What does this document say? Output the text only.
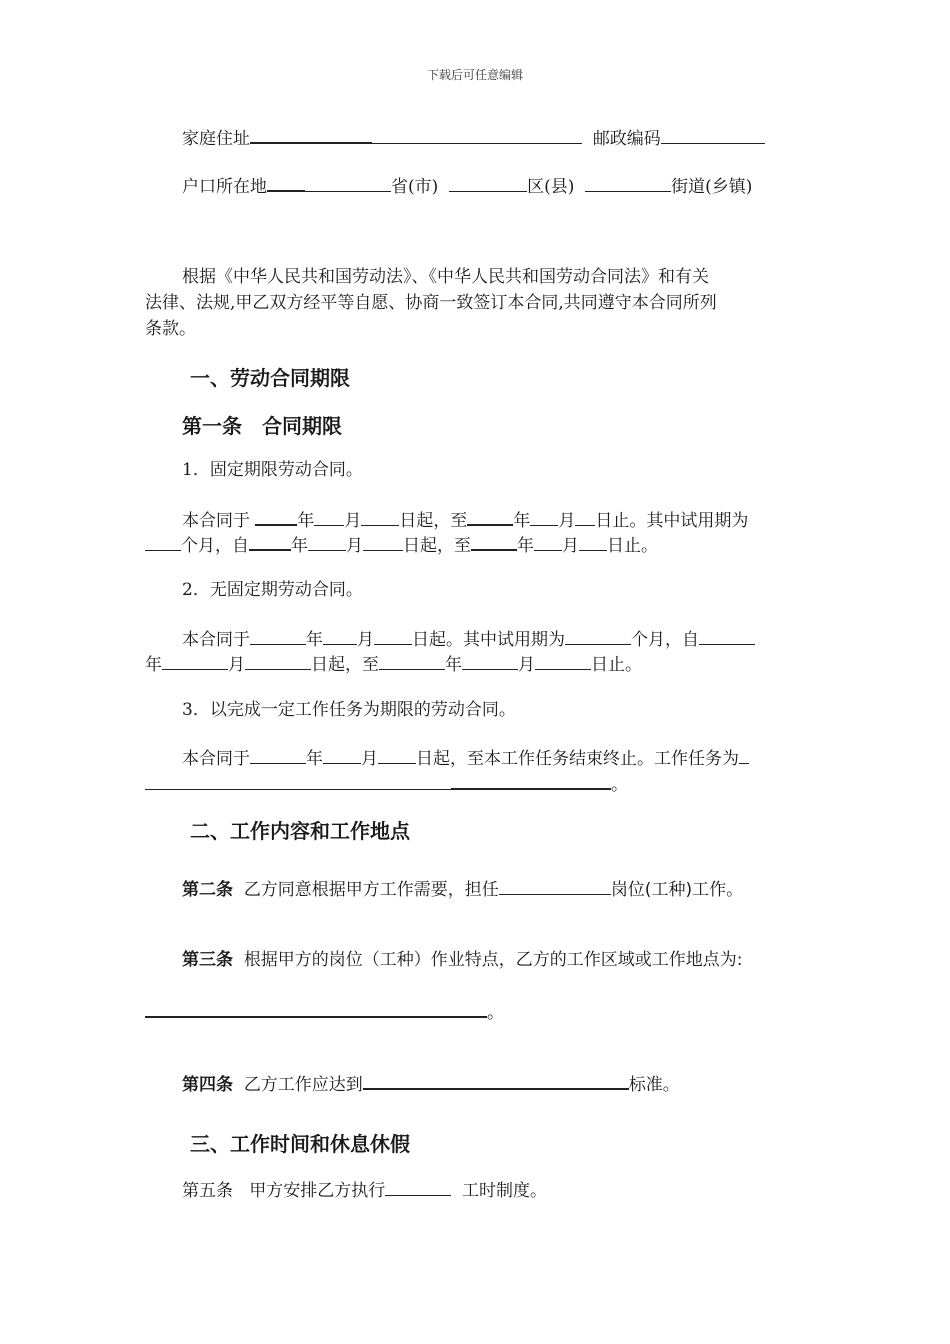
下载后可任意编辑
家庭住址	邮政编码
户口所在地	省(市)	区(县)	街道(乡镇)
根据《中华人民共和国劳动法》、《中华人民共和国劳动合同法》和有关
法律、法规,甲乙双方经平等自愿、协商一致签订本合同,共同遵守本合同所列
条款。
一、劳动合同期限
第一条　合同期限
1．固定期限劳动合同。
本合同于	年 月 日起，至	年 月 日止。其中试用期为
个月，自 年 月 日起，至	年 月 日止。
2．无固定期劳动合同。
本合同于	年 月 日起。其中试用期为	个月，自
年	月	日起，至	年	月	日止。
3．以完成一定工作任务为期限的劳动合同。
本合同于	年 月 日起，至本工作任务结束终止。工作任务为
。
二、工作内容和工作地点
第二条 乙方同意根据甲方工作需要，担任	岗位(工种)工作。
第三条 根据甲方的岗位（工种）作业特点，乙方的工作区域或工作地点为:
。
第四条 乙方工作应达到	标准。
三、工作时间和休息休假
第五条 甲方安排乙方执行	工时制度。
